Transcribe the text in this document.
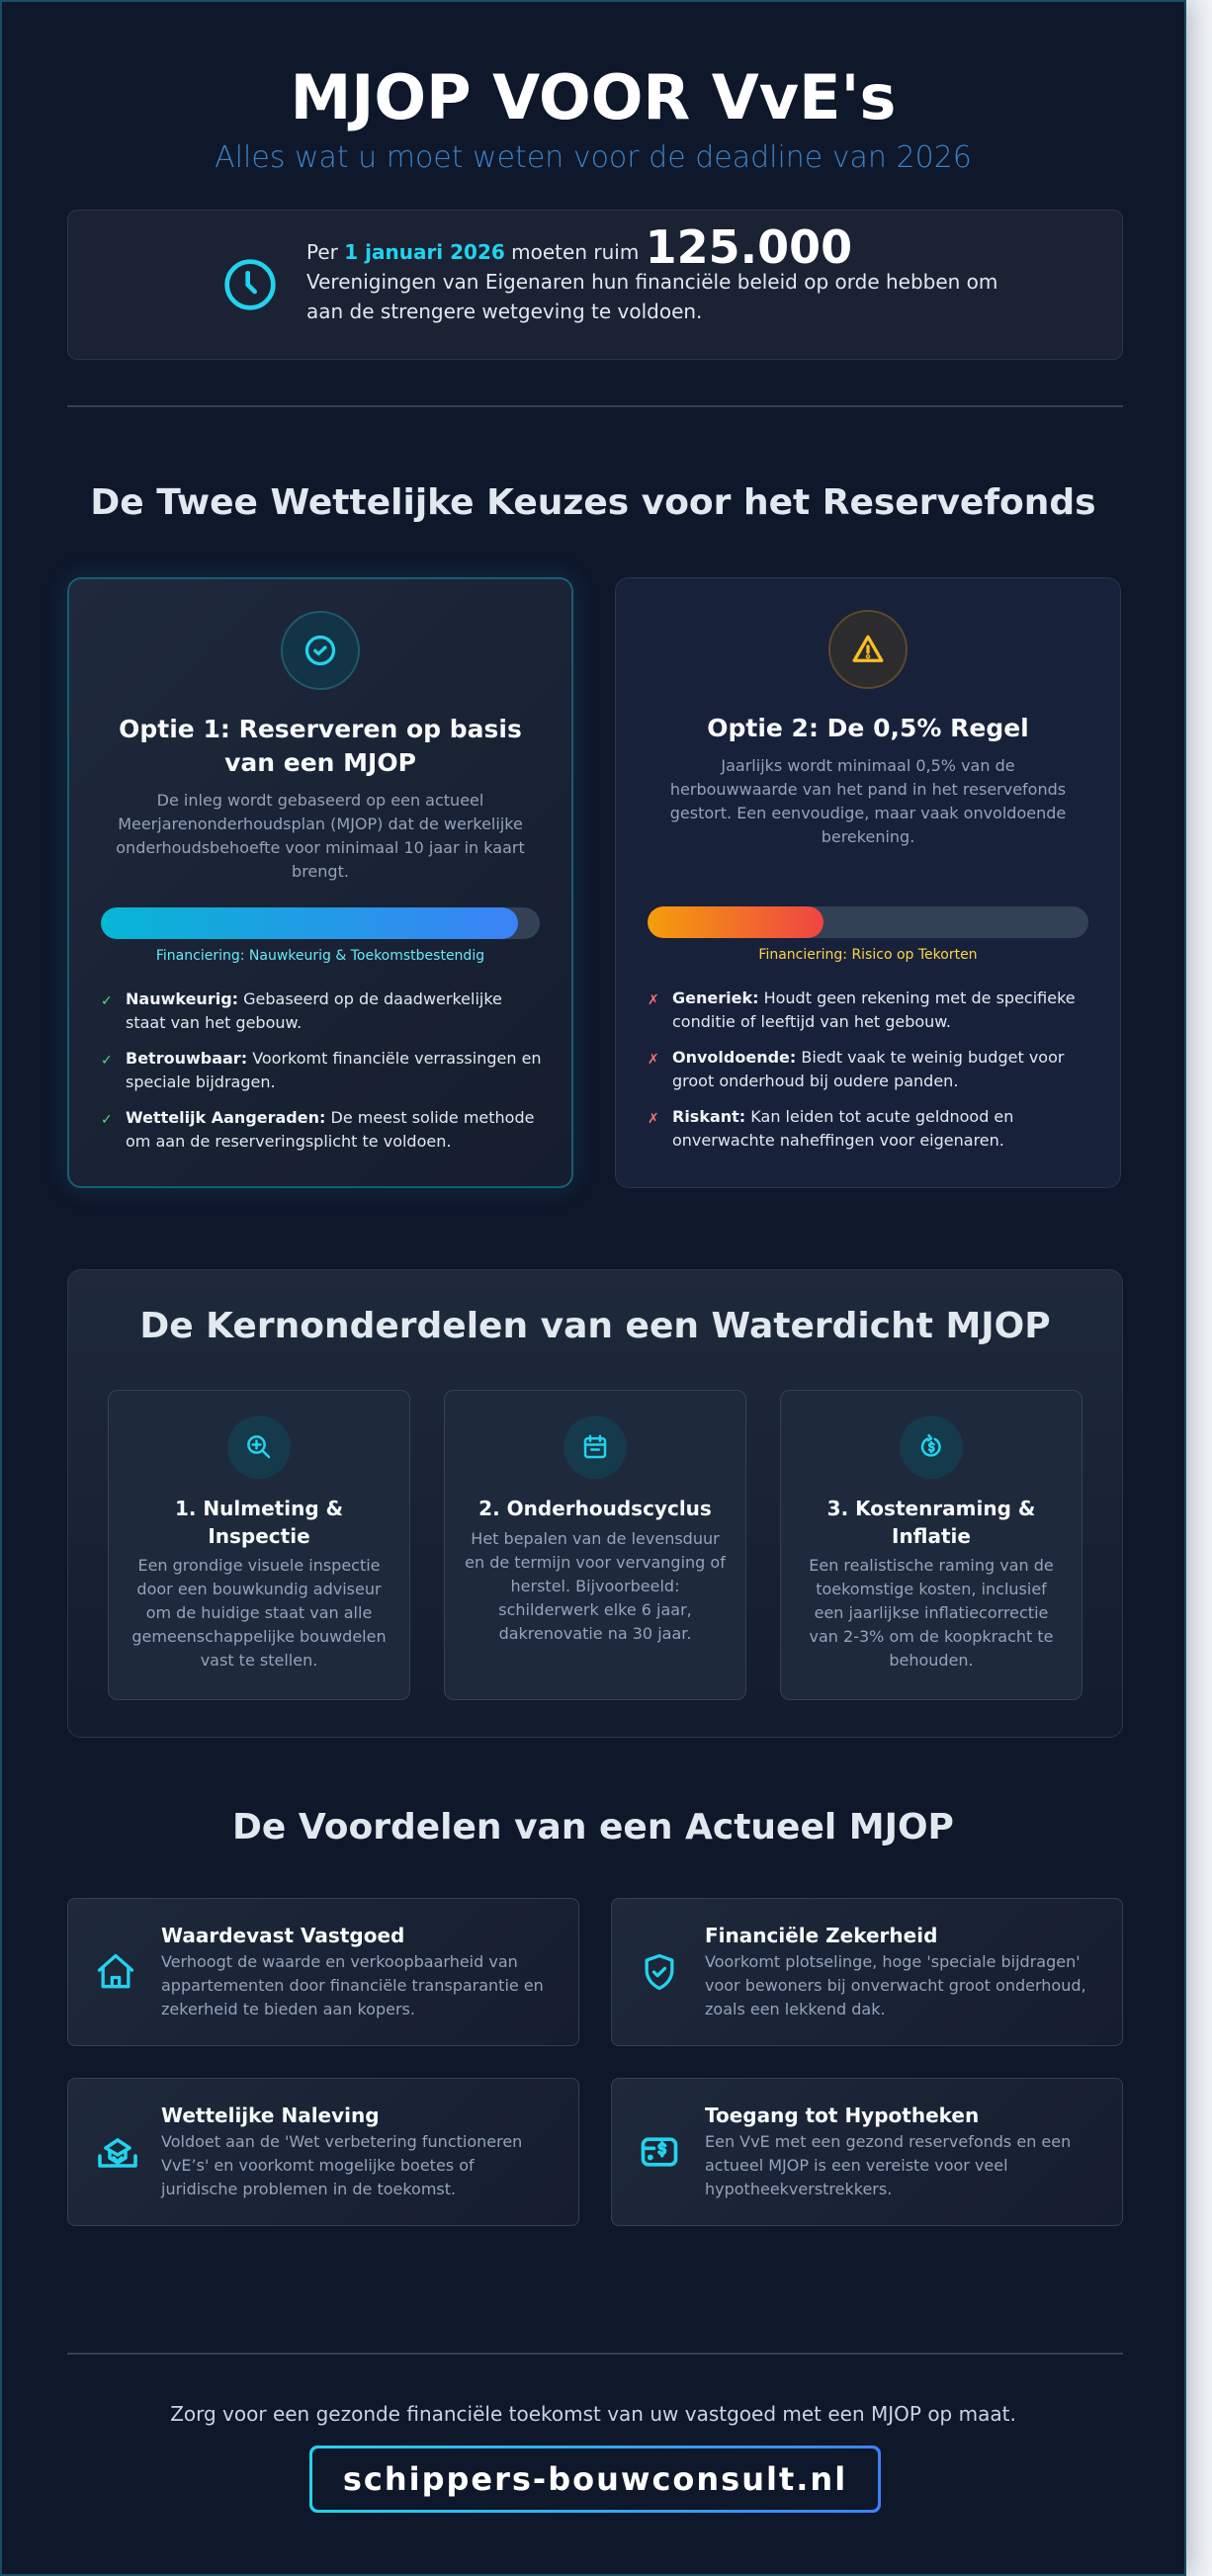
MJOP VOOR VvE's
Alles wat u moet weten voor de deadline van 2026
Per 1 januari 2026 moeten ruim 125.000
Verenigingen van Eigenaren hun financiële beleid op orde hebben om aan de strengere wetgeving te voldoen.
De Twee Wettelijke Keuzes voor het Reservefonds
Optie 1: Reserveren op basis van een MJOP

De inleg wordt gebaseerd op een actueel Meerjarenonderhoudsplan (MJOP) dat de werkelijke onderhoudsbehoefte voor minimaal 10 jaar in kaart brengt.

Financiering: Nauwkeurig & Toekomstbestendig
✓ Nauwkeurig: Gebaseerd op de daadwerkelijke staat van het gebouw.
✓ Betrouwbaar: Voorkomt financiële verrassingen en speciale bijdragen.
✓ Wettelijk Aangeraden: De meest solide methode om aan de reserveringsplicht te voldoen.
Optie 2: De 0,5% Regel

Jaarlijks wordt minimaal 0,5% van de herbouwwaarde van het pand in het reservefonds gestort. Een eenvoudige, maar vaak onvoldoende berekening.

Financiering: Risico op Tekorten
✗ Generiek: Houdt geen rekening met de specifieke conditie of leeftijd van het gebouw.
✗ Onvoldoende: Biedt vaak te weinig budget voor groot onderhoud bij oudere panden.
✗ Riskant: Kan leiden tot acute geldnood en onverwachte naheffingen voor eigenaren.
De Kernonderdelen van een Waterdicht MJOP
1. Nulmeting & Inspectie

Een grondige visuele inspectie door een bouwkundig adviseur om de huidige staat van alle gemeenschappelijke bouwdelen vast te stellen.

2. Onderhoudscyclus

Het bepalen van de levensduur en de termijn voor vervanging of herstel. Bijvoorbeeld: schilderwerk elke 6 jaar, dakrenovatie na 30 jaar.

3. Kostenraming & Inflatie

Een realistische raming van de toekomstige kosten, inclusief een jaarlijkse inflatiecorrectie van 2-3% om de koopkracht te behouden.

De Voordelen van een Actueel MJOP
Waardevast Vastgoed

Verhoogt de waarde en verkoopbaarheid van appartementen door financiële transparantie en zekerheid te bieden aan kopers.

Financiële Zekerheid

Voorkomt plotselinge, hoge 'speciale bijdragen' voor bewoners bij onverwacht groot onderhoud, zoals een lekkend dak.

Wettelijke Naleving

Voldoet aan de 'Wet verbetering functioneren VvE’s' en voorkomt mogelijke boetes of juridische problemen in de toekomst.

Toegang tot Hypotheken

Een VvE met een gezond reservefonds en een actueel MJOP is een vereiste voor veel hypotheekverstrekkers.

Zorg voor een gezonde financiële toekomst van uw vastgoed met een MJOP op maat.

schippers-bouwconsult.nl
